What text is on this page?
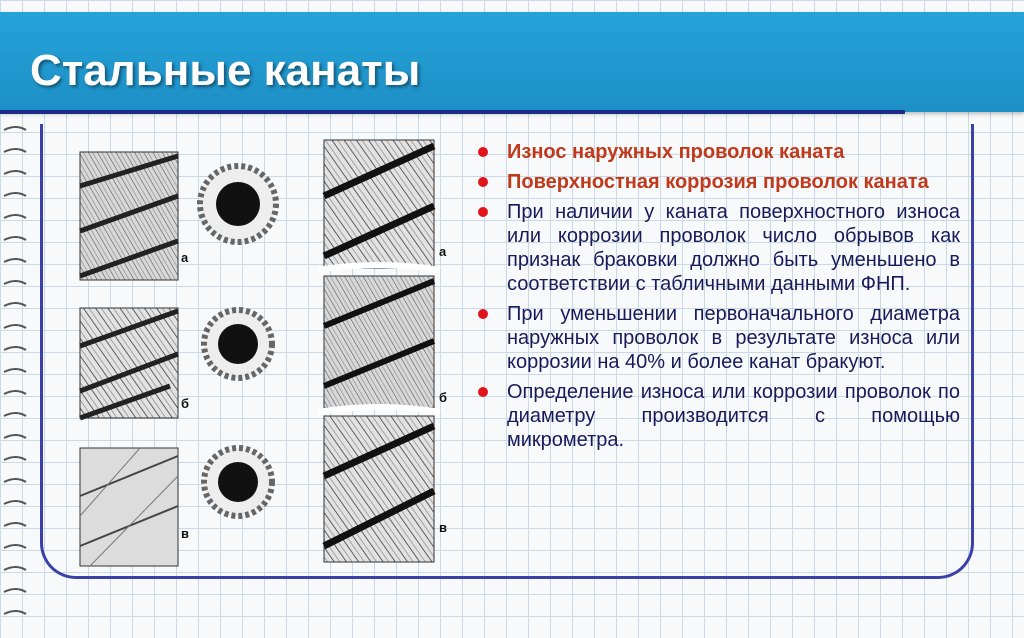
Стальные канаты
а
б
в
а
б
в
Износ наружных проволок каната
Поверхностная коррозия проволок каната
При наличии у каната поверхностного износа или коррозии проволок число обрывов как признак браковки должно быть уменьшено в соответствии с табличными данными ФНП.
При уменьшении первоначального диаметра наружных проволок в результате износа или коррозии на 40% и более канат бракуют.
Определение износа или коррозии проволок по диаметру производится с помощью микрометра.
